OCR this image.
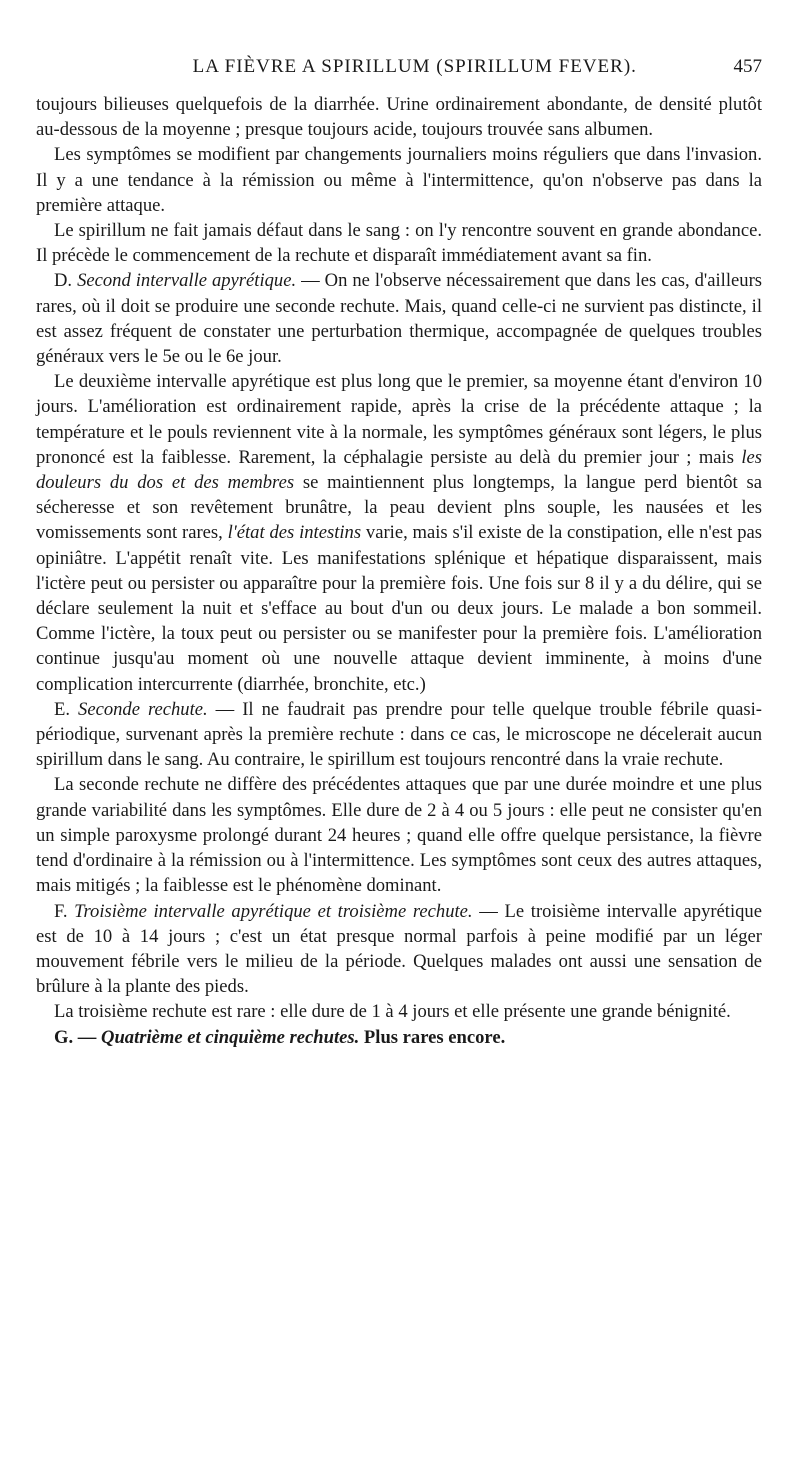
LA FIÈVRE A SPIRILLUM (SPIRILLUM FEVER).	457

toujours bilieuses quelquefois de la diarrhée. Urine ordinairement abondante, de densité plutôt au-dessous de la moyenne ; presque toujours acide, toujours trouvée sans albumen.

Les symptômes se modifient par changements journaliers moins réguliers que dans l'invasion. Il y a une tendance à la rémission ou même à l'intermittence, qu'on n'observe pas dans la première attaque.

Le spirillum ne fait jamais défaut dans le sang : on l'y rencontre souvent en grande abondance. Il précède le commencement de la rechute et disparaît immédiatement avant sa fin.

D. Second intervalle apyrétique. — On ne l'observe nécessairement que dans les cas, d'ailleurs rares, où il doit se produire une seconde rechute. Mais, quand celle-ci ne survient pas distincte, il est assez fréquent de constater une perturbation thermique, accompagnée de quelques troubles généraux vers le 5e ou le 6e jour.

Le deuxième intervalle apyrétique est plus long que le premier, sa moyenne étant d'environ 10 jours. L'amélioration est ordinairement rapide, après la crise de la précédente attaque ; la température et le pouls reviennent vite à la normale, les symptômes généraux sont légers, le plus prononcé est la faiblesse. Rarement, la céphalagie persiste au delà du premier jour ; mais les douleurs du dos et des membres se maintiennent plus longtemps, la langue perd bientôt sa sécheresse et son revêtement brunâtre, la peau devient plns souple, les nausées et les vomissements sont rares, l'état des intestins varie, mais s'il existe de la constipation, elle n'est pas opiniâtre. L'appétit renaît vite. Les manifestations splénique et hépatique disparaissent, mais l'ictère peut ou persister ou apparaître pour la première fois. Une fois sur 8 il y a du délire, qui se déclare seulement la nuit et s'efface au bout d'un ou deux jours. Le malade a bon sommeil. Comme l'ictère, la toux peut ou persister ou se manifester pour la première fois. L'amélioration continue jusqu'au moment où une nouvelle attaque devient imminente, à moins d'une complication intercurrente (diarrhée, bronchite, etc.)

E. Seconde rechute. — Il ne faudrait pas prendre pour telle quelque trouble fébrile quasi-périodique, survenant après la première rechute : dans ce cas, le microscope ne décelerait aucun spirillum dans le sang. Au contraire, le spirillum est toujours rencontré dans la vraie rechute.

La seconde rechute ne diffère des précédentes attaques que par une durée moindre et une plus grande variabilité dans les symptômes. Elle dure de 2 à 4 ou 5 jours : elle peut ne consister qu'en un simple paroxysme prolongé durant 24 heures ; quand elle offre quelque persistance, la fièvre tend d'ordinaire à la rémission ou à l'intermittence. Les symptômes sont ceux des autres attaques, mais mitigés ; la faiblesse est le phénomène dominant.

F. Troisième intervalle apyrétique et troisième rechute. — Le troisième intervalle apyrétique est de 10 à 14 jours ; c'est un état presque normal parfois à peine modifié par un léger mouvement fébrile vers le milieu de la période. Quelques malades ont aussi une sensation de brûlure à la plante des pieds.

La troisième rechute est rare : elle dure de 1 à 4 jours et elle présente une grande bénignité.

G. — Quatrième et cinquième rechutes. Plus rares encore.
